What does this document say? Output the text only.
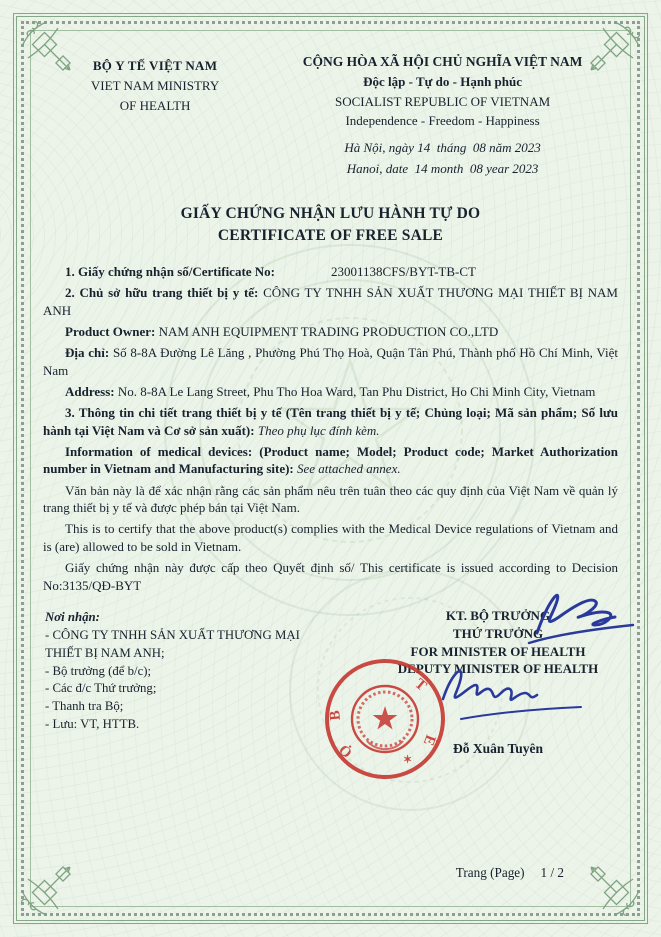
BỘ Y TẾ VIỆT NAM
VIET NAM MINISTRY
OF HEALTH
CỘNG HÒA XÃ HỘI CHỦ NGHĨA VIỆT NAM
Độc lập - Tự do - Hạnh phúc
SOCIALIST REPUBLIC OF VIETNAM
Independence - Freedom - Happiness
Hà Nội, ngày 14  tháng  08 năm 2023
Hanoi, date  14 month  08 year 2023
GIẤY CHỨNG NHẬN LƯU HÀNH TỰ DO
CERTIFICATE OF FREE SALE

1. Giấy chứng nhận số/Certificate No:	23001138CFS/BYT-TB-CT

2. Chủ sở hữu trang thiết bị y tế: CÔNG TY TNHH SẢN XUẤT THƯƠNG MẠI THIẾT BỊ NAM ANH

Product Owner: NAM ANH EQUIPMENT TRADING PRODUCTION CO.,LTD

Địa chỉ: Số 8-8A Đường Lê Lăng , Phường Phú Thọ Hoà, Quận Tân Phú, Thành phố Hồ Chí Minh, Việt Nam

Address: No. 8-8A Le Lang Street, Phu Tho Hoa Ward, Tan Phu District, Ho Chi Minh City, Vietnam

3. Thông tin chi tiết trang thiết bị y tế (Tên trang thiết bị y tế; Chủng loại; Mã sản phẩm; Số lưu hành tại Việt Nam và Cơ sở sản xuất): Theo phụ lục đính kèm.

Information of medical devices: (Product name; Model; Product code; Market Authorization number in Vietnam and Manufacturing site): See attached annex.

Văn bản này là để xác nhận rằng các sản phẩm nêu trên tuân theo các quy định của Việt Nam về quản lý trang thiết bị y tế và được phép bán tại Việt Nam.

This is to certify that the above product(s) complies with the Medical Device regulations of Vietnam and is (are) allowed to be sold in Vietnam.

Giấy chứng nhận này được cấp theo Quyết định số/ This certificate is issued according to Decision No:3135/QĐ-BYT

Nơi nhận:
- CÔNG TY TNHH SẢN XUẤT THƯƠNG MẠI THIẾT BỊ NAM ANH;
- Bộ trưởng (để b/c);
- Các đ/c Thứ trưởng;
- Thanh tra Bộ;
- Lưu: VT, HTTB.
KT. BỘ TRƯỞNG
THỨ TRƯỞNG
FOR MINISTER OF HEALTH
DEPUTY MINISTER OF HEALTH
B
Ộ
T
Ế
✶
Đỗ Xuân Tuyên
Trang (Page) 1 / 2
